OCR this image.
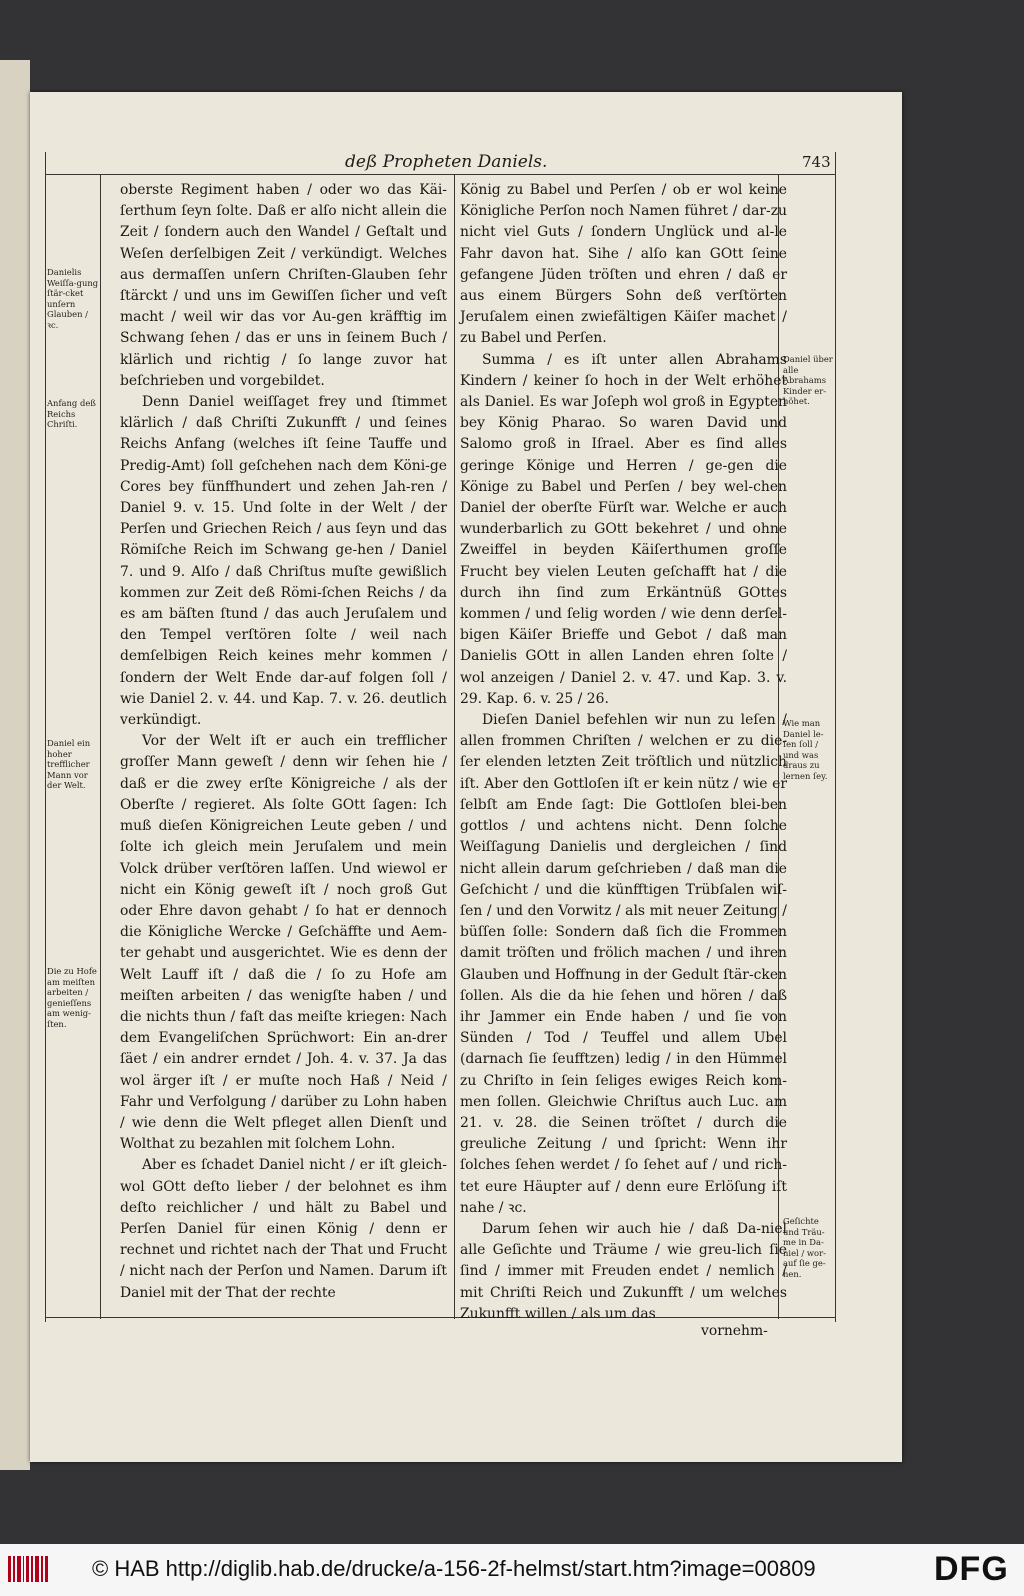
deß Propheten Daniels.	743

oberste Regiment haben / oder wo das Käi-ſerthum ſeyn ſolte. Daß er alſo nicht allein die Zeit / ſondern auch den Wandel / Geſtalt und Weſen derſelbigen Zeit / verkündigt. Welches aus dermaſſen unſern Chriſten-Glauben ſehr ſtärckt / und uns im Gewiſſen ſicher und veſt macht / weil wir das vor Au-gen kräfftig im Schwang ſehen / das er uns in ſeinem Buch / klärlich und richtig / ſo lange zuvor hat beſchrieben und vorgebildet.

Denn Daniel weiſſaget frey und ſtimmet klärlich / daß Chriſti Zukunfft / und ſeines Reichs Anfang (welches iſt ſeine Tauffe und Predig-Amt) ſoll geſchehen nach dem Köni-ge Cores bey fünffhundert und zehen Jah-ren / Daniel 9. v. 15. Und ſolte in der Welt / der Perſen und Griechen Reich / aus ſeyn und das Römiſche Reich im Schwang ge-hen / Daniel 7. und 9. Alſo / daß Chriſtus muſte gewißlich kommen zur Zeit deß Römi-ſchen Reichs / da es am bäſten ſtund / das auch Jeruſalem und den Tempel verſtören ſolte / weil nach demſelbigen Reich keines mehr kommen / ſondern der Welt Ende dar-auf folgen ſoll / wie Daniel 2. v. 44. und Kap. 7. v. 26. deutlich verkündigt.

Vor der Welt iſt er auch ein trefflicher groſſer Mann geweſt / denn wir ſehen hie / daß er die zwey erſte Königreiche / als der Oberſte / regieret. Als ſolte GOtt ſagen: Ich muß dieſen Königreichen Leute geben / und ſolte ich gleich mein Jeruſalem und mein Volck drüber verſtören laſſen. Und wiewol er nicht ein König geweſt iſt / noch groß Gut oder Ehre davon gehabt / ſo hat er dennoch die Königliche Wercke / Geſchäffte und Aem-ter gehabt und ausgerichtet. Wie es denn der Welt Lauff iſt / daß die / ſo zu Hofe am meiſten arbeiten / das wenigſte haben / und die nichts thun / faſt das meiſte kriegen: Nach dem Evangeliſchen Sprüchwort: Ein an-drer ſäet / ein andrer erndet / Joh. 4. v. 37. Ja das wol ärger iſt / er muſte noch Haß / Neid / Fahr und Verfolgung / darüber zu Lohn haben / wie denn die Welt pfleget allen Dienſt und Wolthat zu bezahlen mit ſolchem Lohn.

Aber es ſchadet Daniel nicht / er iſt gleich-wol GOtt deſto lieber / der belohnet es ihm deſto reichlicher / und hält zu Babel und Perſen Daniel für einen König / denn er rechnet und richtet nach der That und Frucht / nicht nach der Perſon und Namen. Darum iſt Daniel mit der That der rechte

König zu Babel und Perſen / ob er wol keine Königliche Perſon noch Namen führet / dar-zu nicht viel Guts / ſondern Unglück und al-le Fahr davon hat. Sihe / alſo kan GOtt ſeine gefangene Jüden tröſten und ehren / daß er aus einem Bürgers Sohn deß verſtörten Jeruſalem einen zwiefältigen Käiſer machet / zu Babel und Perſen.

Summa / es iſt unter allen Abrahams Kindern / keiner ſo hoch in der Welt erhöhet als Daniel. Es war Joſeph wol groß in Egypten bey König Pharao. So waren David und Salomo groß in Iſrael. Aber es ſind alles geringe Könige und Herren / ge-gen die Könige zu Babel und Perſen / bey wel-chen Daniel der oberſte Fürſt war. Welche er auch wunderbarlich zu GOtt bekehret / und ohne Zweiffel in beyden Käiſerthumen groſſe Frucht bey vielen Leuten geſchafft hat / die durch ihn ſind zum Erkäntnüß GOttes kommen / und ſelig worden / wie denn derſel-bigen Käiſer Brieffe und Gebot / daß man Danielis GOtt in allen Landen ehren ſolte / wol anzeigen / Daniel 2. v. 47. und Kap. 3. v. 29. Kap. 6. v. 25 / 26.

Dieſen Daniel befehlen wir nun zu leſen / allen frommen Chriſten / welchen er zu die-ſer elenden letzten Zeit tröſtlich und nützlich iſt. Aber den Gottloſen iſt er kein nütz / wie er ſelbſt am Ende ſagt: Die Gottloſen blei-ben gottlos / und achtens nicht. Denn ſolche Weiſſagung Danielis und dergleichen / ſind nicht allein darum geſchrieben / daß man die Geſchicht / und die künfftigen Trübſalen wiſ-ſen / und den Vorwitz / als mit neuer Zeitung / büſſen ſolle: Sondern daß ſich die Frommen damit tröſten und frölich machen / und ihren Glauben und Hoffnung in der Gedult ſtär-cken ſollen. Als die da hie ſehen und hören / daß ihr Jammer ein Ende haben / und ſie von Sünden / Tod / Teuffel und allem Ubel (darnach ſie ſeufftzen) ledig / in den Hümmel zu Chriſto in ſein ſeliges ewiges Reich kom-men ſollen. Gleichwie Chriſtus auch Luc. am 21. v. 28. die Seinen tröſtet / durch die greuliche Zeitung / und ſpricht: Wenn ihr ſolches ſehen werdet / ſo ſehet auf / und rich-tet eure Häupter auf / denn eure Erlöſung iſt nahe / ꝛc.

Darum ſehen wir auch hie / daß Da-niel alle Geſichte und Träume / wie greu-lich ſie ſind / immer mit Freuden endet / nemlich / mit Chriſti Reich und Zukunfft / um welches Zukunfft willen / als um das

Danielis Weiſſa-gung ſtär-cket unſern Glauben / ꝛc.
Anfang deß Reichs Chriſti.
Daniel ein hoher trefflicher Mann vor der Welt.
Die zu Hofe am meiſten arbeiten / genieſſens am wenig-ſten.
Daniel über alle Abrahams Kinder er-höhet.
Wie man Daniel le-ſen ſoll / und was draus zu lernen ſey.
Geſichte und Träu-me in Da-niel / wor-auf ſie ge-hen.
vornehm-
© HAB http://diglib.hab.de/drucke/a-156-2f-helmst/start.htm?image=00809	DFG
